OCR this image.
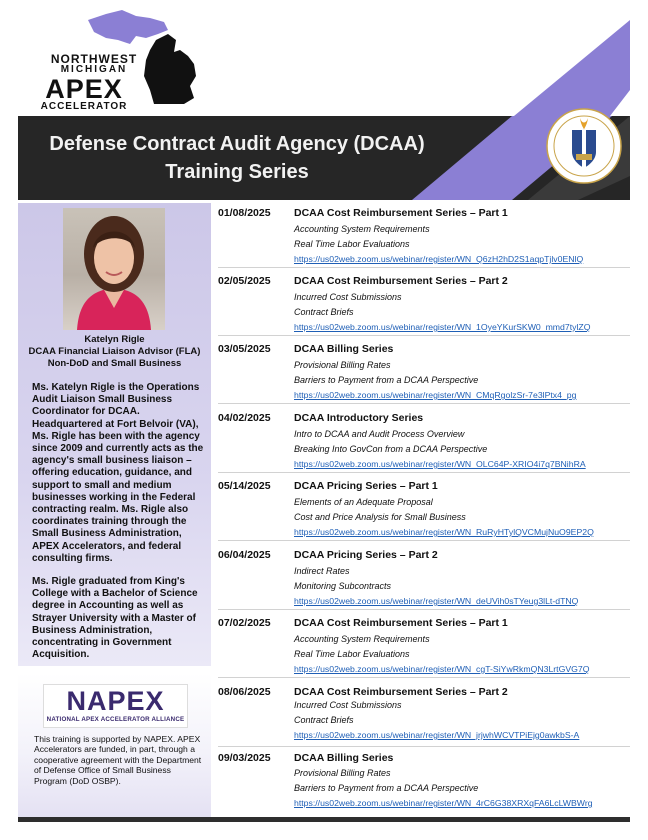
NORTHWEST
MICHIGAN
APEX
ACCELERATOR
Defense Contract Audit Agency (DCAA)
Training Series
Katelyn Rigle
DCAA Financial Liaison Advisor (FLA)
Non-DoD and Small Business
Ms. Katelyn Rigle is the Operations Audit Liaison Small Business Coordinator for DCAA. Headquartered at Fort Belvoir (VA), Ms. Rigle has been with the agency since 2009 and currently acts as the agency's small business liaison – offering education, guidance, and support to small and medium businesses working in the Federal contracting realm. Ms. Rigle also coordinates training through the Small Business Administration, APEX Accelerators, and federal consulting firms.
Ms. Rigle graduated from King's College with a Bachelor of Science degree in Accounting as well as Strayer University with a Master of Business Administration, concentrating in Government Acquisition.
NAPEX
NATIONAL APEX ACCELERATOR ALLIANCE
This training is supported by NAPEX. APEX Accelerators are funded, in part, through a cooperative agreement with the Department of Defense Office of Small Business Program (DoD OSBP).
01/08/2025 DCAA Cost Reimbursement Series – Part 1
Accounting System Requirements
Real Time Labor Evaluations
https://us02web.zoom.us/webinar/register/WN_Q6zH2hD2S1aqpTjlv0ENlQ
02/05/2025 DCAA Cost Reimbursement Series – Part 2
Incurred Cost Submissions
Contract Briefs
https://us02web.zoom.us/webinar/register/WN_1OyeYKurSKW0_mmd7tylZQ
03/05/2025 DCAA Billing Series
Provisional Billing Rates
Barriers to Payment from a DCAA Perspective
https://us02web.zoom.us/webinar/register/WN_CMqRgolzSr-7e3lPtx4_pg
04/02/2025 DCAA Introductory Series
Intro to DCAA and Audit Process Overview
Breaking Into GovCon from a DCAA Perspective
https://us02web.zoom.us/webinar/register/WN_OLC64P-XRIO4i7q7BNihRA
05/14/2025 DCAA Pricing Series – Part 1
Elements of an Adequate Proposal
Cost and Price Analysis for Small Business
https://us02web.zoom.us/webinar/register/WN_RuRyHTylQVCMujNuO9EP2Q
06/04/2025 DCAA Pricing Series – Part 2
Indirect Rates
Monitoring Subcontracts
https://us02web.zoom.us/webinar/register/WN_deUVih0sTYeug3lLt-dTNQ
07/02/2025 DCAA Cost Reimbursement Series – Part 1
Accounting System Requirements
Real Time Labor Evaluations
https://us02web.zoom.us/webinar/register/WN_cgT-SiYwRkmQN3LrtGVG7Q
08/06/2025 DCAA Cost Reimbursement Series – Part 2
Incurred Cost Submissions
Contract Briefs
https://us02web.zoom.us/webinar/register/WN_jrjwhWCVTPiEjg0awkbS-A
09/03/2025 DCAA Billing Series
Provisional Billing Rates
Barriers to Payment from a DCAA Perspective
https://us02web.zoom.us/webinar/register/WN_4rC6G38XRXqFA6LcLWBWrg
